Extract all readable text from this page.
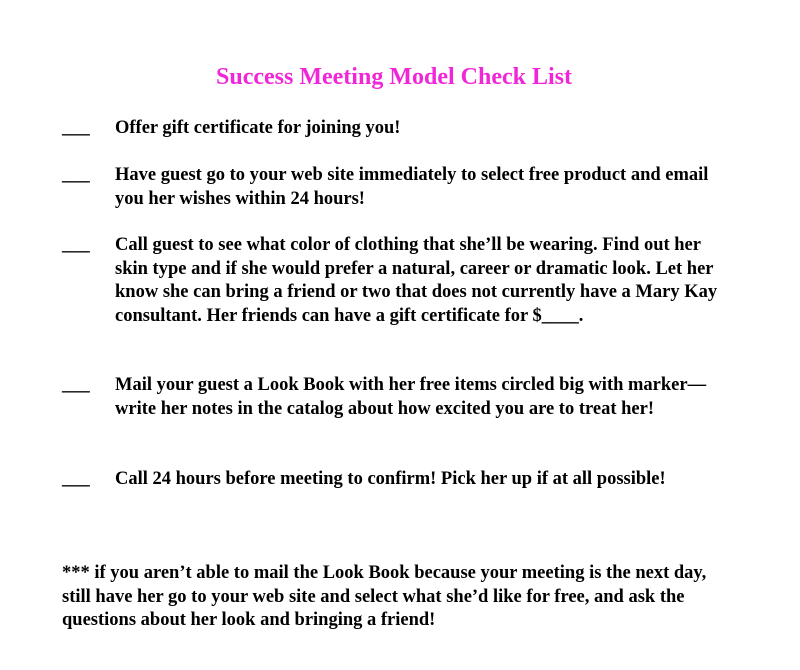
Success Meeting Model Check List
___	Offer gift certificate for joining you!
___	Have guest go to your web site immediately to select free product and email you her wishes within 24 hours!
___	Call guest to see what color of clothing that she’ll be wearing. Find out her skin type and if she would prefer a natural, career or dramatic look. Let her know she can bring a friend or two that does not currently have a Mary Kay consultant. Her friends can have a gift certificate for $____.
___	Mail your guest a Look Book with her free items circled big with marker—write her notes in the catalog about how excited you are to treat her!
___	Call 24 hours before meeting to confirm! Pick her up if at all possible!
*** if you aren’t able to mail the Look Book because your meeting is the next day, still have her go to your web site and select what she’d like for free, and ask the questions about her look and bringing a friend!
